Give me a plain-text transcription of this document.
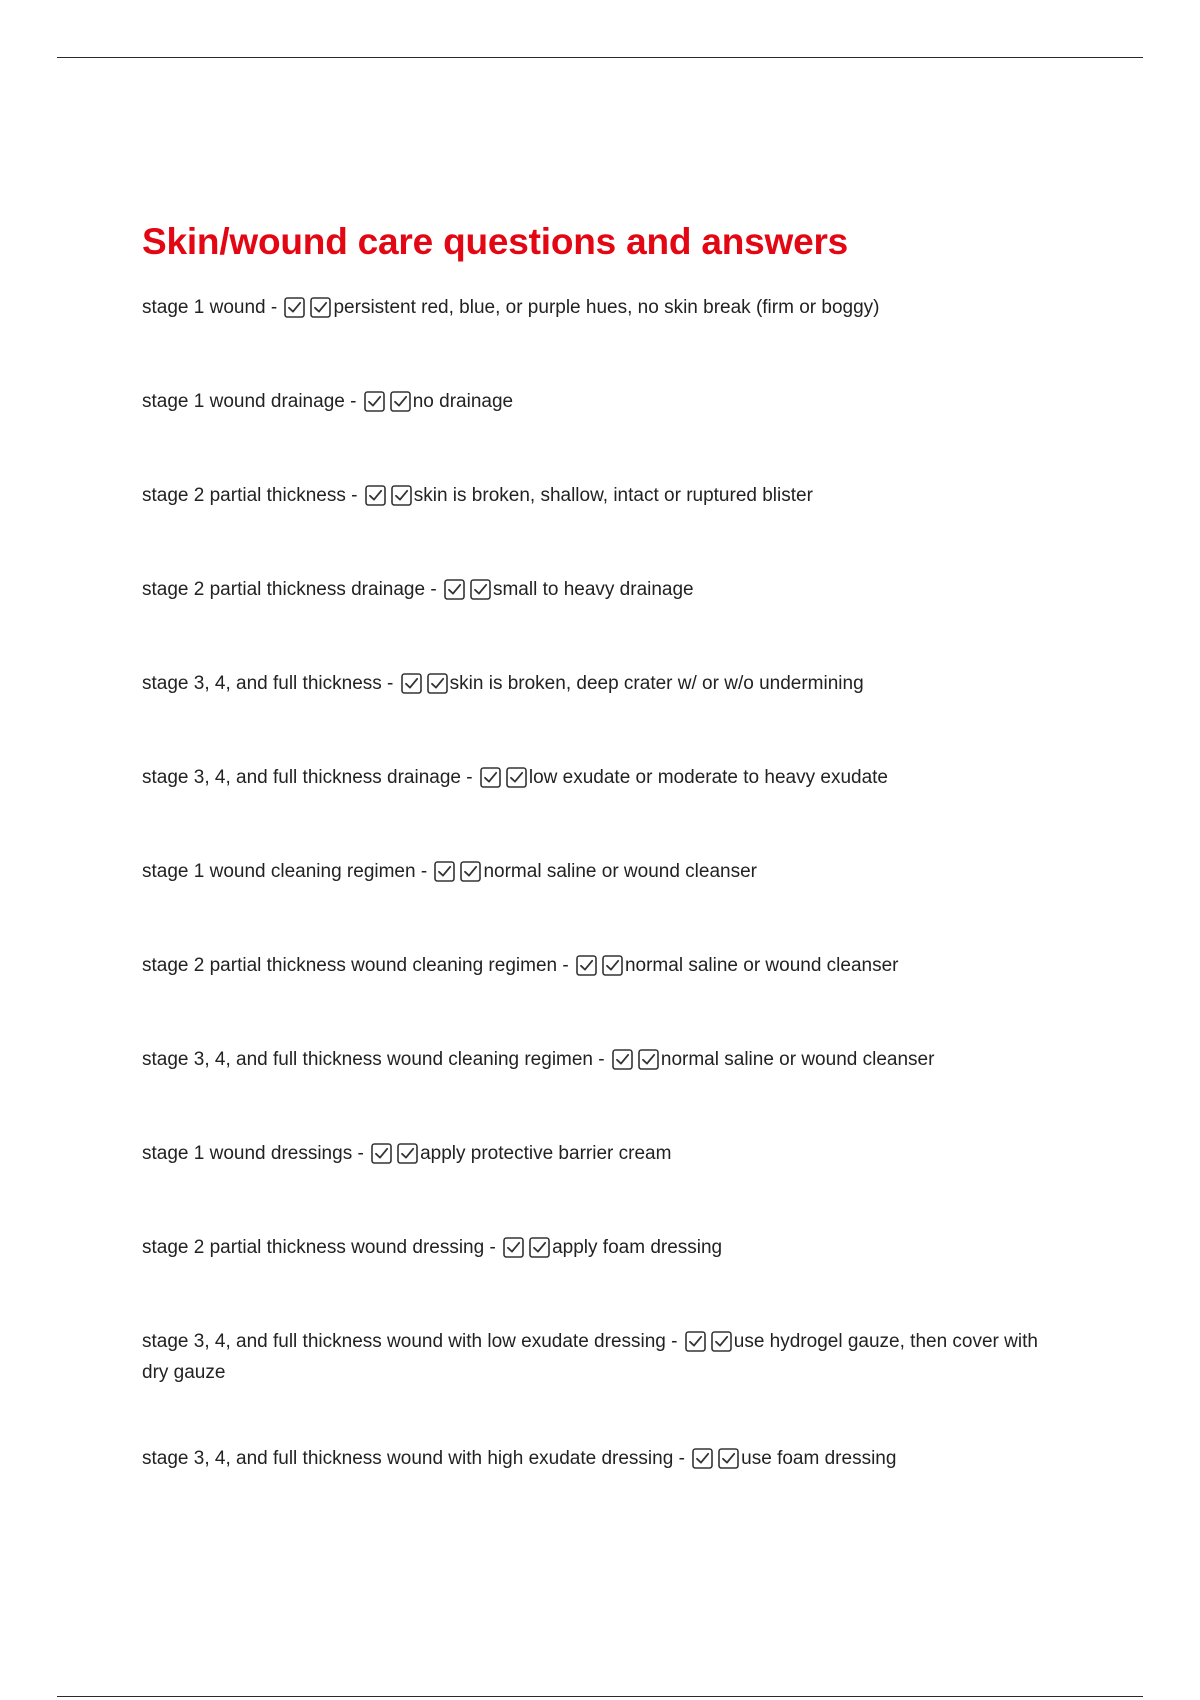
Skin/wound care questions and answers
stage 1 wound -	persistent red, blue, or purple hues, no skin break (firm or boggy)
stage 1 wound drainage -	no drainage
stage 2 partial thickness -	skin is broken, shallow, intact or ruptured blister
stage 2 partial thickness drainage -	small to heavy drainage
stage 3, 4, and full thickness -	skin is broken, deep crater w/ or w/o undermining
stage 3, 4, and full thickness drainage -	low exudate or moderate to heavy exudate
stage 1 wound cleaning regimen -	normal saline or wound cleanser
stage 2 partial thickness wound cleaning regimen -	normal saline or wound cleanser
stage 3, 4, and full thickness wound cleaning regimen -	normal saline or wound cleanser
stage 1 wound dressings -	apply protective barrier cream
stage 2 partial thickness wound dressing -	apply foam dressing
stage 3, 4, and full thickness wound with low exudate dressing -	use hydrogel gauze, then cover with dry gauze
stage 3, 4, and full thickness wound with high exudate dressing -	use foam dressing
